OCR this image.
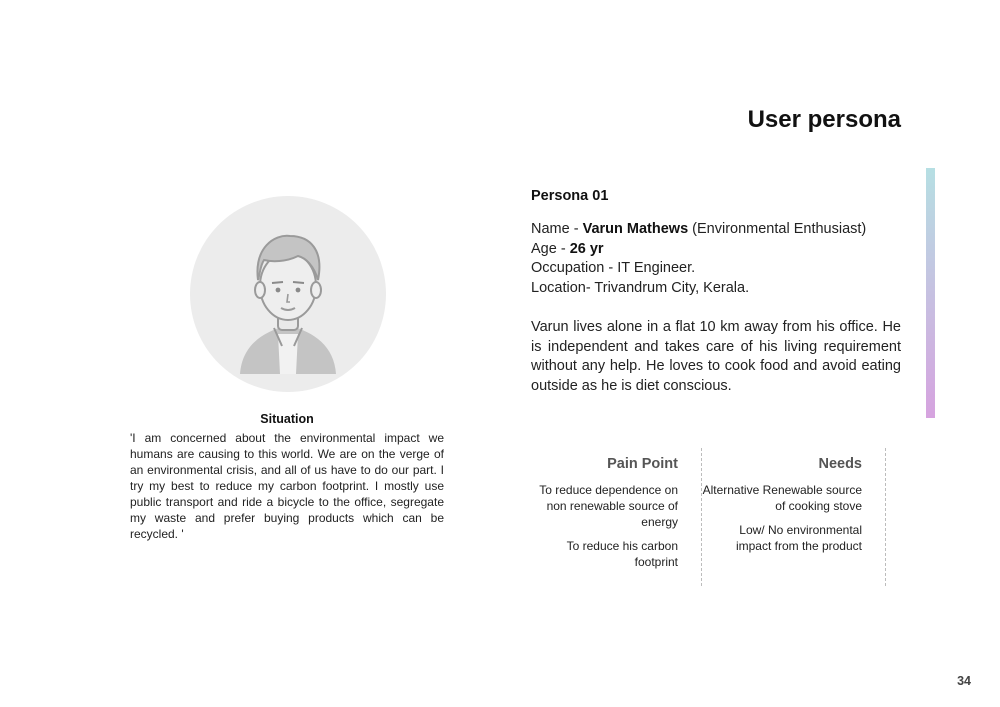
User persona
Situation
'I am concerned about the environmental impact we humans are causing to this world. We are on the verge of an environmental crisis, and all of us have to do our part. I try my best to reduce my carbon footprint. I mostly use public transport and ride a bicycle to the office, segregate my waste and prefer buying products which can be recycled. '
Persona 01
Name - Varun Mathews (Environmental Enthusiast)
Age - 26 yr
Occupation - IT Engineer.
Location- Trivandrum City, Kerala.
Varun lives alone in a flat 10 km away from his office. He is independent and takes care of his living requirement without any help. He loves to cook food and avoid eating outside as he is diet conscious.
Pain Point
To reduce dependence on non renewable source of energy
To reduce his carbon footprint
Needs
Alternative Renewable source of cooking stove
Low/ No environmental impact from the product
34
